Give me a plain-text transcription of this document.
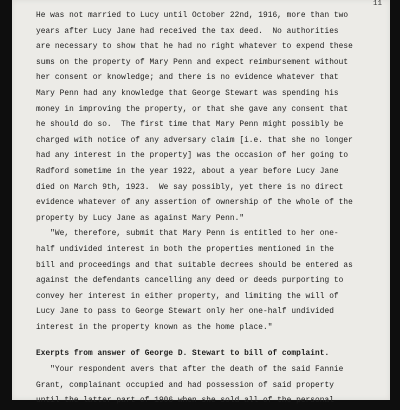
11
He was not married to Lucy until October 22nd, 1916, more than two
years after Lucy Jane had received the tax deed.  No authorities
are necessary to show that he had no right whatever to expend these
sums on the property of Mary Penn and expect reimbursement without
her consent or knowledge; and there is no evidence whatever that
Mary Penn had any knowledge that George Stewart was spending his
money in improving the property, or that she gave any consent that
he should do so.  The first time that Mary Penn might possibly be
charged with notice of any adversary claim [i.e. that she no longer
had any interest in the property] was the occasion of her going to
Radford sometime in the year 1922, about a year before Lucy Jane
died on March 9th, 1923.  We say possibly, yet there is no direct
evidence whatever of any assertion of ownership of the whole of the
property by Lucy Jane as against Mary Penn."
"We, therefore, submit that Mary Penn is entitled to her one-
half undivided interest in both the properties mentioned in the
bill and proceedings and that suitable decrees should be entered as
against the defendants cancelling any deed or deeds purporting to
convey her interest in either property, and limiting the will of
Lucy Jane to pass to George Stewart only her one-half undivided
interest in the property known as the home place."
Exerpts from answer of George D. Stewart to bill of complaint.
"Your respondent avers that after the death of the said Fannie
Grant, complainant occupied and had possession of said property
until the latter part of 1906 when she sold all of the personal
